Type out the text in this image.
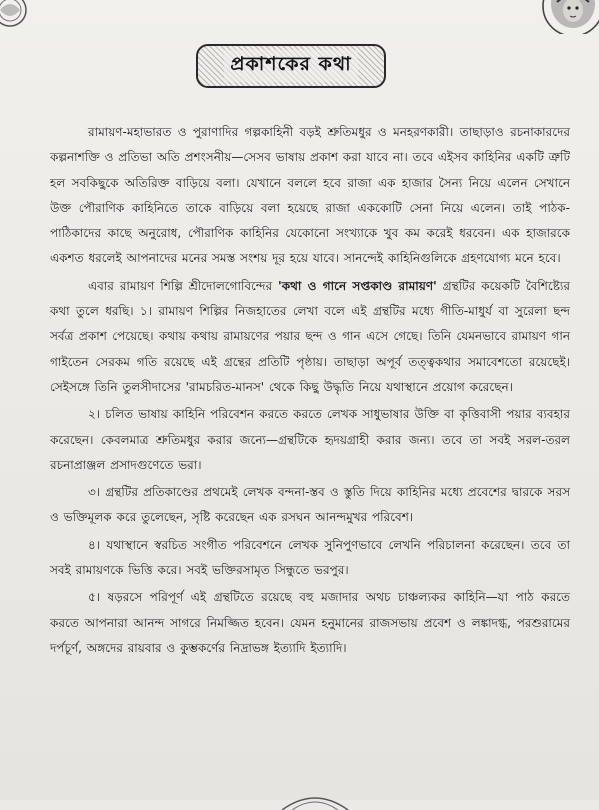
প্রকাশকের কথা

রামায়ণ-মহাভারত ও পুরাণাদির গল্পকাহিনী বড়ই শ্রুতিমধুর ও মনহরণকারী। তাছাড়াও রচনাকারদের কল্পনাশক্তি ও প্রতিভা অতি প্রশংসনীয়—সেসব ভাষায় প্রকাশ করা যাবে না। তবে এইসব কাহিনির একটি ত্রুটি হল সবকিছুকে অতিরিক্ত বাড়িয়ে বলা। যেখানে বললে হবে রাজা এক হাজার সৈন্য নিয়ে এলেন সেখানে উক্ত পৌরাণিক কাহিনিতে তাকে বাড়িয়ে বলা হয়েছে রাজা এককোটি সেনা নিয়ে এলেন। তাই পাঠক-পাঠিকাদের কাছে অনুরোধ, পৌরাণিক কাহিনির যেকোনো সংখ্যাকে খুব কম করেই ধরবেন। এক হাজারকে একশত ধরলেই আপনাদের মনের সমস্ত সংশয় দূর হয়ে যাবে। সানন্দেই কাহিনিগুলিকে গ্রহণযোগ্য মনে হবে।

এবার রামায়ণ শিল্পি শ্রীদোলগোবিন্দের 'কথা ও গানে সপ্তকাণ্ড রামায়ণ' গ্রন্থটির কয়েকটি বৈশিষ্ট্যের কথা তুলে ধরছি। ১। রামায়ণ শিল্পির নিজহাতের লেখা বলে এই গ্রন্থটির মধ্যে গীতি-মাধুর্য বা সুরেলা ছন্দ সর্বত্র প্রকাশ পেয়েছে। কথায় কথায় রামায়ণের পয়ার ছন্দ ও গান এসে গেছে। তিনি যেমনভাবে রামায়ণ গান গাইতেন সেরকম গতি রয়েছে এই গ্রন্থের প্রতিটি পৃষ্ঠায়। তাছাড়া অপূর্ব তত্ত্বকথার সমাবেশতো রয়েছেই। সেইসঙ্গে তিনি তুলসীদাসের 'রামচরিত-মানস' থেকে কিছু উদ্ধৃতি নিয়ে যথাস্থানে প্রয়োগ করেছেন।

২। চলিত ভাষায় কাহিনি পরিবেশন করতে করতে লেখক সাধুভাষার উক্তি বা কৃত্তিবাসী পয়ার ব্যবহার করেছেন। কেবলমাত্র শ্রুতিমধুর করার জন্যে—গ্রন্থটিকে হৃদয়গ্রাহী করার জন্য। তবে তা সবই সরল-তরল রচনাপ্রাঞ্জল প্রসাদগুণেতে ভরা।

৩। গ্রন্থটির প্রতিকাণ্ডের প্রথমেই লেখক বন্দনা-স্তব ও স্তুতি দিয়ে কাহিনির মধ্যে প্রবেশের দ্বারকে সরস ও ভক্তিমূলক করে তুলেছেন, সৃষ্টি করেছেন এক রসঘন আনন্দমুখর পরিবেশ।

৪। যথাস্থানে স্বরচিত সংগীত পরিবেশনে লেখক সুনিপুণভাবে লেখনি পরিচালনা করেছেন। তবে তা সবই রামায়ণকে ভিত্তি করে। সবই ভক্তিরসামৃত সিন্ধুতে ভরপুর।

৫। ষড়রসে পরিপূর্ণ এই গ্রন্থটিতে রয়েছে বহু মজাদার অথচ চাঞ্চল্যকর কাহিনি—যা পাঠ করতে করতে আপনারা আনন্দ সাগরে নিমজ্জিত হবেন। যেমন হনুমানের রাজসভায় প্রবেশ ও লঙ্কাদগ্ধ, পরশুরামের দর্পচূর্ণ, অঙ্গদের রায়বার ও কুম্ভকর্ণের নিদ্রাভঙ্গ ইত্যাদি ইত্যাদি।
